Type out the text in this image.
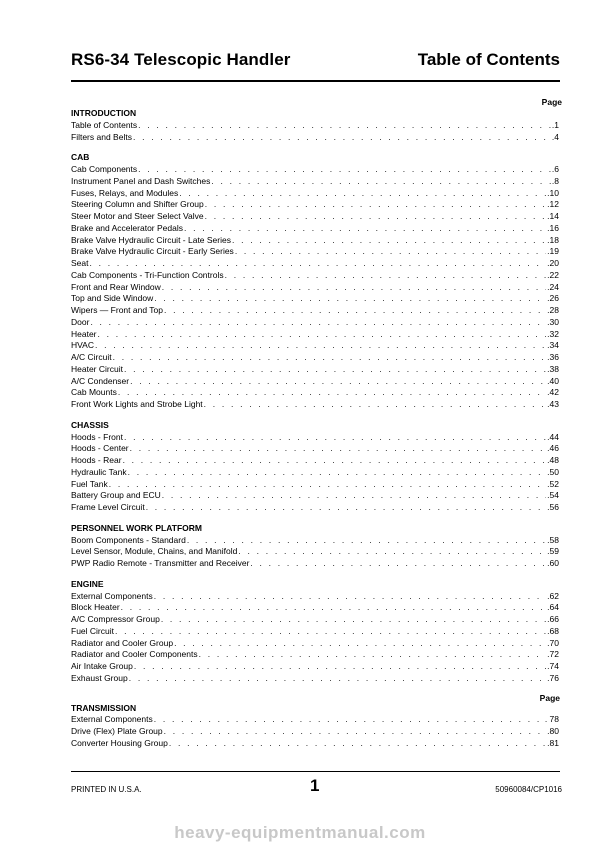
RS6-34 Telescopic Handler	Table of Contents
Page
INTRODUCTION
Table of Contents . . .	.1
Filters and Belts . . .	.4
CAB
Cab Components . . .	.6
Instrument Panel and Dash Switches . . .	.8
Fuses, Relays, and Modules . . .	.10
Steering Column and Shifter Group . . .	.12
Steer Motor and Steer Select Valve . . .	.14
Brake and Accelerator Pedals . . .	.16
Brake Valve Hydraulic Circuit - Late Series . . .	.18
Brake Valve Hydraulic Circuit - Early Series . . .	.19
Seat . . .	.20
Cab Components - Tri-Function Controls . . .	.22
Front and Rear Window . . .	.24
Top and Side Window . . .	.26
Wipers — Front and Top . . .	.28
Door . . .	.30
Heater . . .	.32
HVAC . . .	.34
A/C Circuit . . .	.36
Heater Circuit . . .	.38
A/C Condenser . . .	.40
Cab Mounts . . .	.42
Front Work Lights and Strobe Light . . .	.43
CHASSIS
Hoods - Front . . .	.44
Hoods - Center . . .	.46
Hoods - Rear . . .	.48
Hydraulic Tank . . .	.50
Fuel Tank . . .	.52
Battery Group and ECU . . .	.54
Frame Level Circuit . . .	.56
PERSONNEL WORK PLATFORM
Boom Components - Standard . . .	.58
Level Sensor, Module, Chains, and Manifold . . .	.59
PWP Radio Remote - Transmitter and Receiver . . .	.60
ENGINE
External Components . . .	.62
Block Heater . . .	.64
A/C Compressor Group . . .	.66
Fuel Circuit . . .	.68
Radiator and Cooler Group . . .	.70
Radiator and Cooler Components . . .	.72
Air Intake Group . . .	.74
Exhaust Group . . .	.76
Page
TRANSMISSION
External Components . . .	. 78
Drive (Flex) Plate Group . . .	.80
Converter Housing Group . . .	.81
PRINTED IN U.S.A.	1	50960084/CP1016
heavy-equipmentmanual.com
